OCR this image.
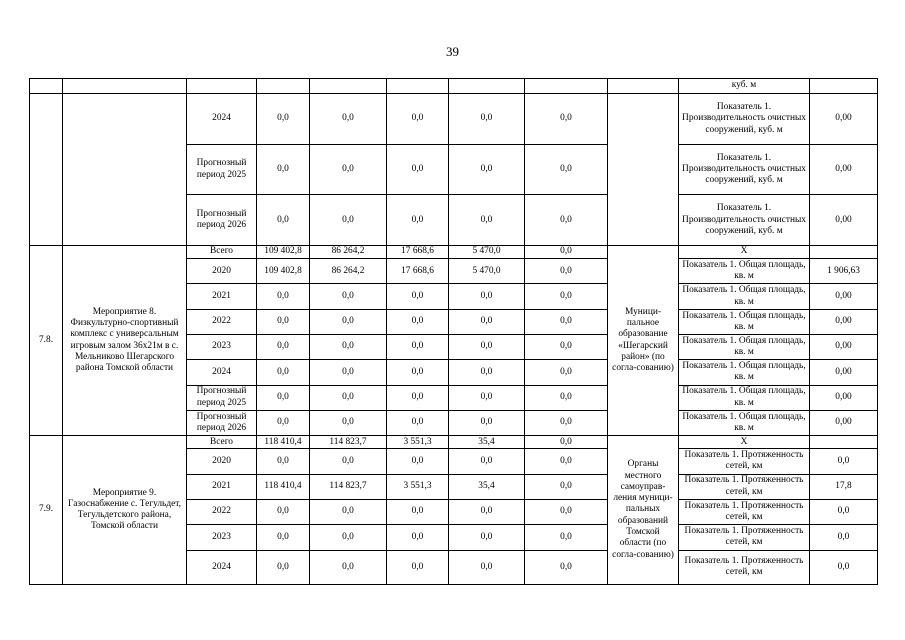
39
									куб. м	
		2024	0,0	0,0	0,0	0,0	0,0		Показатель 1. Производительность очистных сооружений, куб. м	0,00
		Прогнозный период 2025	0,0	0,0	0,0	0,0	0,0		Показатель 1. Производительность очистных сооружений, куб. м	0,00
		Прогнозный период 2026	0,0	0,0	0,0	0,0	0,0		Показатель 1. Производительность очистных сооружений, куб. м	0,00
7.8.	Мероприятие 8. Физкультурно-спортивный комплекс с универсальным игровым залом 36х21м в с. Мельниково Шегарского района Томской области	Всего	109 402,8	86 264,2	17 668,6	5 470,0	0,0	Муници-пальное образование «Шегарский район» (по согла-сованию)	Х	
		2020	109 402,8	86 264,2	17 668,6	5 470,0	0,0		Показатель 1. Общая площадь, кв. м	1 906,63
		2021	0,0	0,0	0,0	0,0	0,0		Показатель 1. Общая площадь, кв. м	0,00
		2022	0,0	0,0	0,0	0,0	0,0		Показатель 1. Общая площадь, кв. м	0,00
		2023	0,0	0,0	0,0	0,0	0,0		Показатель 1. Общая площадь, кв. м	0,00
		2024	0,0	0,0	0,0	0,0	0,0		Показатель 1. Общая площадь, кв. м	0,00
		Прогнозный период 2025	0,0	0,0	0,0	0,0	0,0		Показатель 1. Общая площадь, кв. м	0,00
		Прогнозный период 2026	0,0	0,0	0,0	0,0	0,0		Показатель 1. Общая площадь, кв. м	0,00
7.9.	Мероприятие 9. Газоснабжение с. Тегульдет, Тегульдетского района, Томской области	Всего	118 410,4	114 823,7	3 551,3	35,4	0,0	Органы местного самоуправ-ления муници-пальных образований Томской области (по согла-сованию)	Х	
		2020	0,0	0,0	0,0	0,0	0,0		Показатель 1. Протяженность сетей, км	0,0
		2021	118 410,4	114 823,7	3 551,3	35,4	0,0		Показатель 1. Протяженность сетей, км	17,8
		2022	0,0	0,0	0,0	0,0	0,0		Показатель 1. Протяженность сетей, км	0,0
		2023	0,0	0,0	0,0	0,0	0,0		Показатель 1. Протяженность сетей, км	0,0
		2024	0,0	0,0	0,0	0,0	0,0		Показатель 1. Протяженность сетей, км	0,0
